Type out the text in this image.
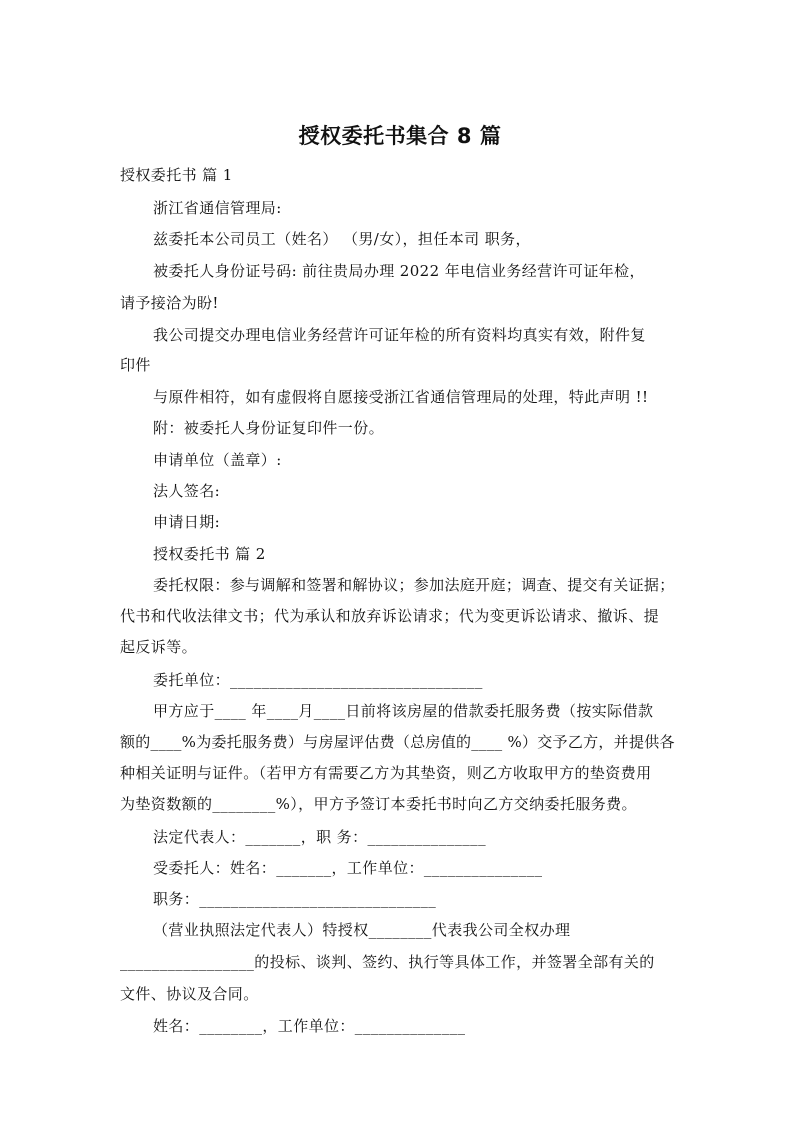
授权委托书集合 8 篇
授权委托书 篇 1
浙江省通信管理局:
兹委托本公司员工（姓名） （男/女），担任本司 职务，
被委托人身份证号码: 前往贵局办理 2022 年电信业务经营许可证年检，
请予接洽为盼!
我公司提交办理电信业务经营许可证年检的所有资料均真实有效，附件复
印件
与原件相符，如有虚假将自愿接受浙江省通信管理局的处理，特此声明 !!
附：被委托人身份证复印件一份。
申请单位（盖章）:
法人签名:
申请日期:
授权委托书 篇 2
委托权限：参与调解和签署和解协议；参加法庭开庭；调查、提交有关证据；
代书和代收法律文书；代为承认和放弃诉讼请求；代为变更诉讼请求、撤诉、提
起反诉等。
委托单位：________________________________
甲方应于____ 年____月____日前将该房屋的借款委托服务费（按实际借款
额的____%为委托服务费）与房屋评估费（总房值的____ %）交予乙方，并提供各
种相关证明与证件。（若甲方有需要乙方为其垫资，则乙方收取甲方的垫资费用
为垫资数额的________%），甲方予签订本委托书时向乙方交纳委托服务费。
法定代表人：_______，职 务：_______________
受委托人：姓名：_______，工作单位：_______________
职务：______________________________
（营业执照法定代表人）特授权________代表我公司全权办理
_________________的投标、谈判、签约、执行等具体工作，并签署全部有关的
文件、协议及合同。
姓名：________，工作单位：______________
